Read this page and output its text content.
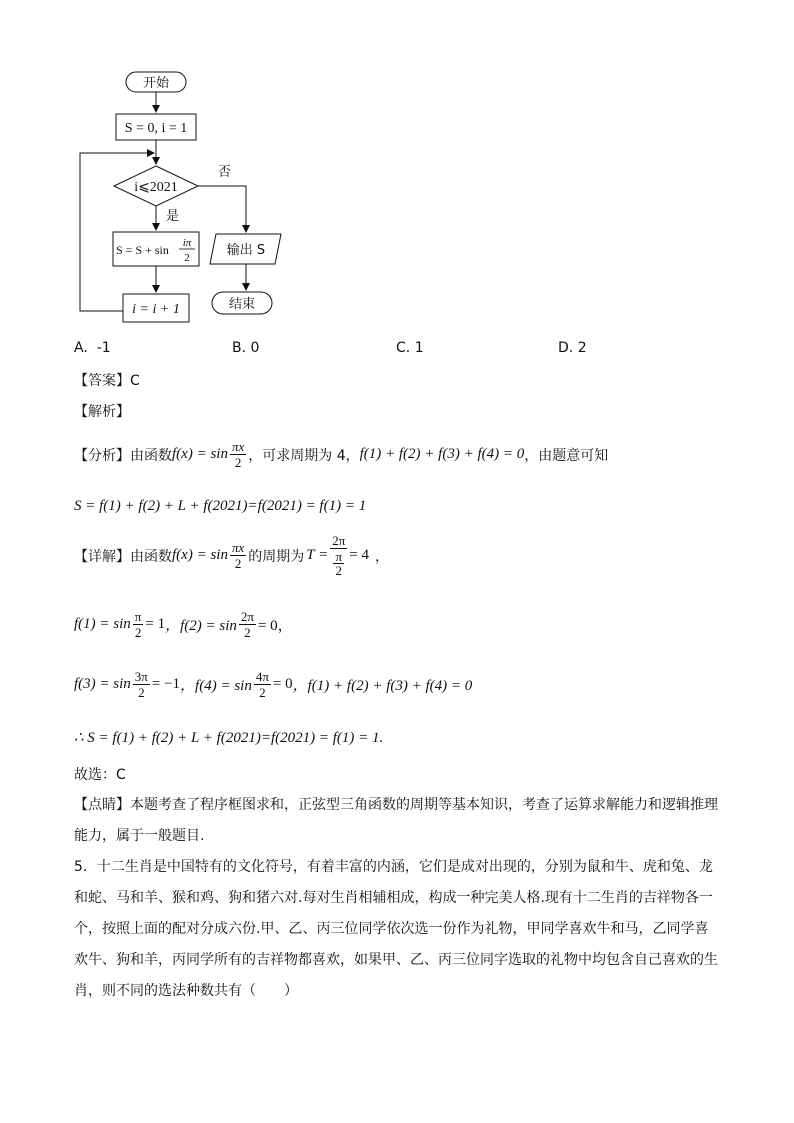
开始
S = 0, i = 1
i⩽2021
否
是
S = S + sin iπ
2
i = i + 1
输出 S
结束
A. -1	B. 0	C. 1	D. 2
【答案】C
【解析】
【分析】 由函数 $f(x) = \sin \frac{\pi x}{2}$ ，可求周期为 4， f(1) + f(2) + f(3) + f(4) = 0 ，由题意可知
S = f(1) + f(2) + L + f(2021)=f(2021) = f(1) = 1
【详解】 由函数 $f(x) = \sin \frac{\pi x}{2}$ 的周期为 T = 2π
π
2 = 4 ，
$f(1) = \sin \frac{\pi}{2} = 1$ ，$f(2) = \sin \frac{2\pi}{2} = 0$，
$f(3) = \sin \frac{3\pi}{2} = -1$ ，$f(4) = \sin \frac{4\pi}{2} = 0$ ，f(1) + f(2) + f(3) + f(4) = 0
∴ S = f(1) + f(2) + L + f(2021)=f(2021) = f(1) = 1.
故选：C
【点睛】本题考查了程序框图求和，正弦型三角函数的周期等基本知识，考查了运算求解能力和逻辑推理能力，属于一般题目.
5．十二生肖是中国特有的文化符号，有着丰富的内涵，它们是成对出现的，分别为鼠和牛、虎和兔、龙和蛇、马和羊、猴和鸡、狗和猪六对.每对生肖相辅相成，构成一种完美人格.现有十二生肖的吉祥物各一个，按照上面的配对分成六份.甲、乙、丙三位同学依次选一份作为礼物，甲同学喜欢牛和马，乙同学喜欢牛、狗和羊，丙同学所有的吉祥物都喜欢，如果甲、乙、丙三位同字选取的礼物中均包含自己喜欢的生肖，则不同的选法种数共有（　　）
